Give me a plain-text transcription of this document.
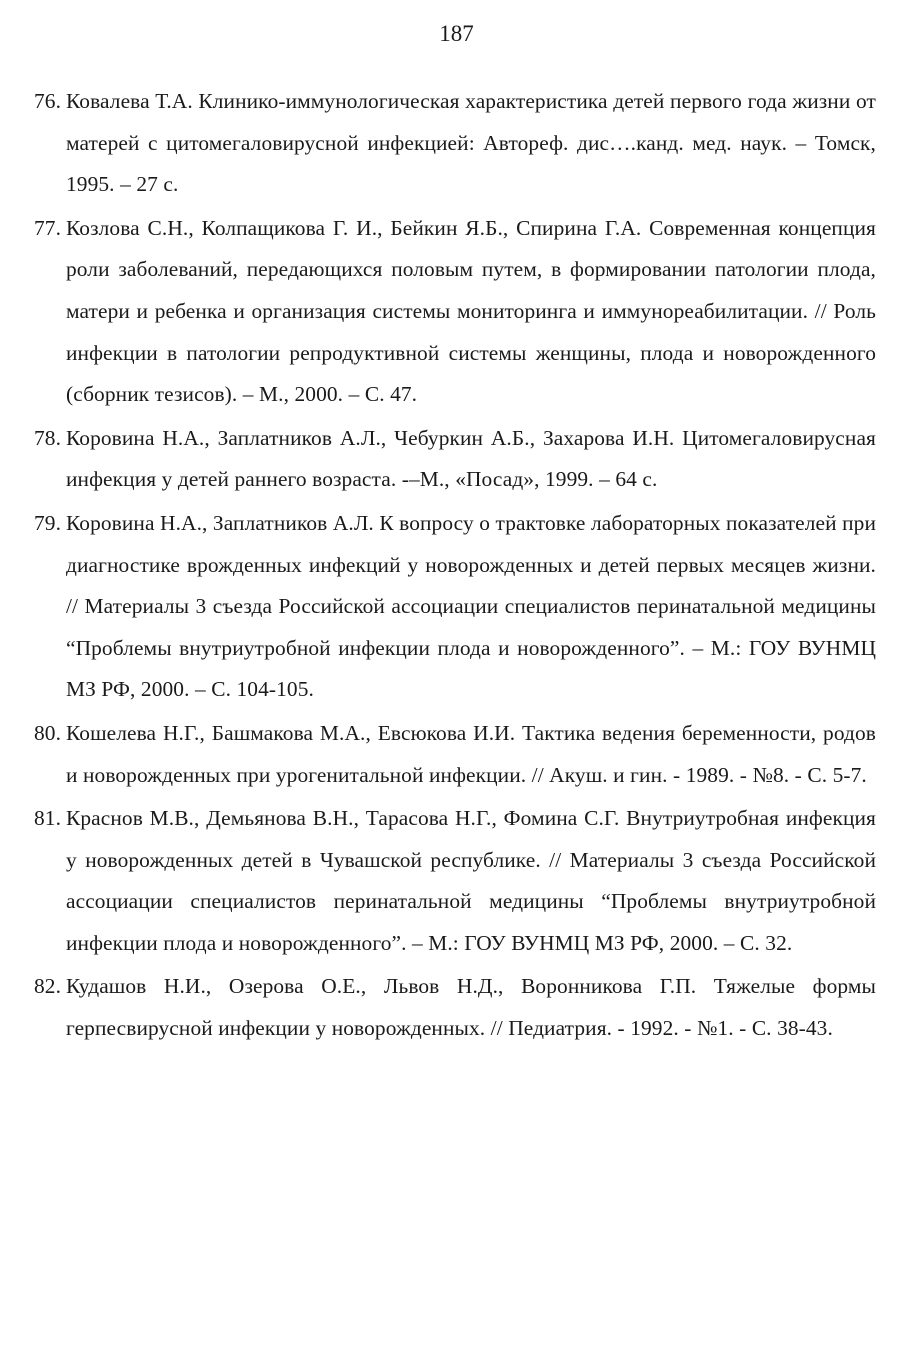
187

76. Ковалева Т.А. Клинико-иммунологическая характеристика детей первого года жизни от матерей с цитомегаловирусной инфекцией: Автореф. дис….канд. мед. наук. – Томск, 1995. – 27 с.

77. Козлова С.Н., Колпащикова Г. И., Бейкин Я.Б., Спирина Г.А. Современная концепция роли заболеваний, передающихся половым путем, в формировании патологии плода, матери и ребенка и организация системы мониторинга и иммунореабилитации. // Роль инфекции в патологии репродуктивной системы женщины, плода и новорожденного (сборник тезисов). – М., 2000. – С. 47.

78. Коровина Н.А., Заплатников А.Л., Чебуркин А.Б., Захарова И.Н. Цитомегаловирусная инфекция у детей раннего возраста. -–М., «Посад», 1999. – 64 с.

79. Коровина Н.А., Заплатников А.Л. К вопросу о трактовке лабораторных показателей при диагностике врожденных инфекций у новорожденных и детей первых месяцев жизни. // Материалы 3 съезда Российской ассоциации специалистов перинатальной медицины “Проблемы внутриутробной инфекции плода и новорожденного”. – М.: ГОУ ВУНМЦ МЗ РФ, 2000. – С. 104-105.

80. Кошелева Н.Г., Башмакова М.А., Евсюкова И.И. Тактика ведения беременности, родов и новорожденных при урогенитальной инфекции. // Акуш. и гин. - 1989. - №8. - С. 5-7.

81. Краснов М.В., Демьянова В.Н., Тарасова Н.Г., Фомина С.Г. Внутриутробная инфекция у новорожденных детей в Чувашской республике. // Материалы 3 съезда Российской ассоциации специалистов перинатальной медицины “Проблемы внутриутробной инфекции плода и новорожденного”. – М.: ГОУ ВУНМЦ МЗ РФ, 2000. – С. 32.

82. Кудашов Н.И., Озерова О.Е., Львов Н.Д., Воронникова Г.П. Тяжелые формы герпесвирусной инфекции у новорожденных. // Педиатрия. - 1992. - №1. - С. 38-43.
